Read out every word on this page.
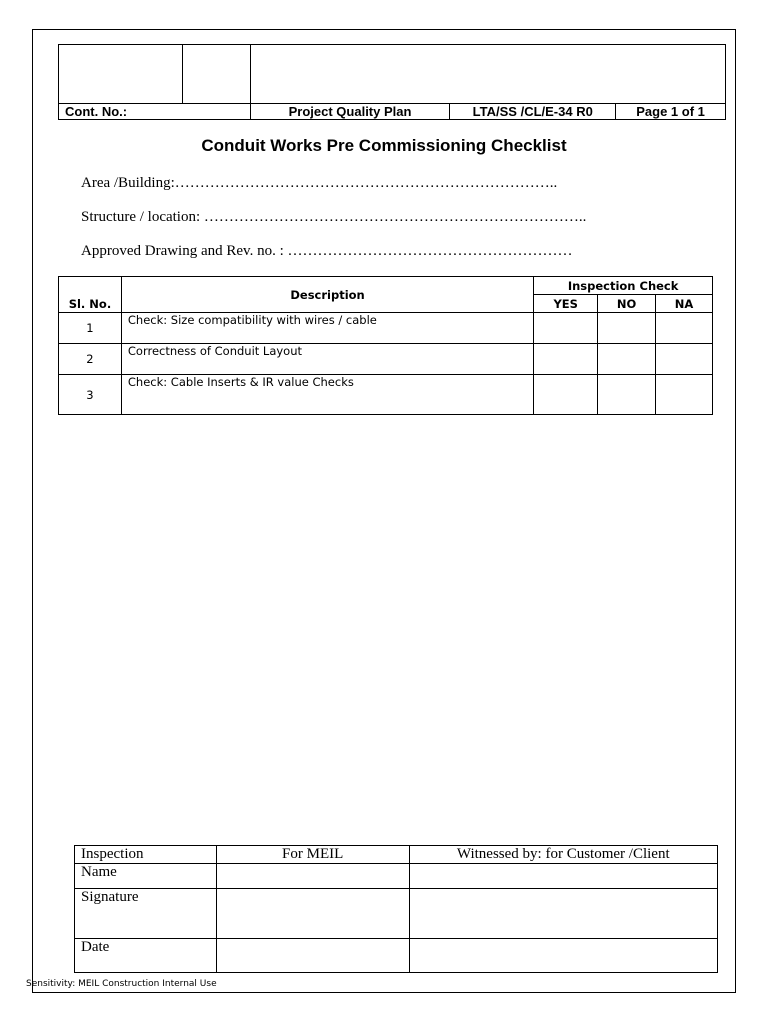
Cont. No.:		Project Quality Plan	LTA/SS /CL/E-34 R0	Page 1 of 1
Conduit Works Pre Commissioning Checklist
Area /Building:…………………………………………………………………..
Structure / location: …………………………………………………………………..
Approved Drawing and Rev. no. : …………………………………………………
Sl. No.	Description	Inspection Check		
		YES	NO	NA
1	Check: Size compatibility with wires / cable			
2	Correctness of Conduit Layout			
3	Check: Cable Inserts & IR value Checks			
Inspection	For MEIL	Witnessed by: for Customer /Client
Name		
Signature		
Date		
Sensitivity: MEIL Construction Internal Use
